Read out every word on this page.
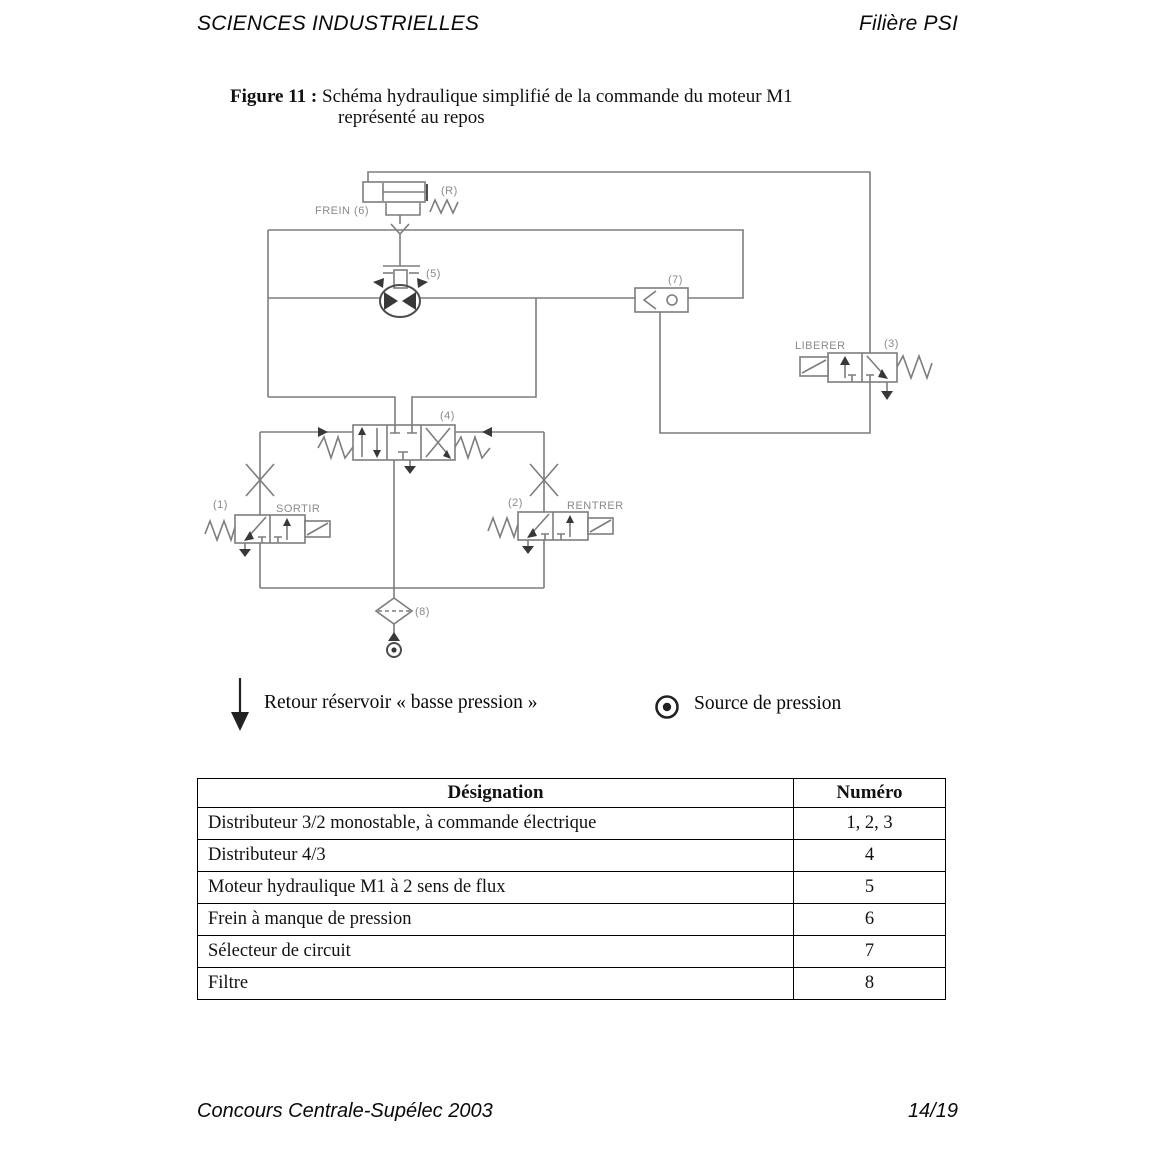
SCIENCES INDUSTRIELLES	Filière PSI
Figure 11 : Schéma hydraulique simplifié de la commande du moteur M1
représenté au repos
FREIN (6)
(R)
(5)	(7)
LIBERER	(3)
(4)
(1)	SORTIR	(2)	RENTRER
(8)
Retour réservoir « basse pression »	Source de pression
Désignation	Numéro
Distributeur 3/2 monostable, à commande électrique	1, 2, 3
Distributeur 4/3	4
Moteur hydraulique M1 à 2 sens de flux	5
Frein à manque de pression	6
Sélecteur de circuit	7
Filtre	8
Concours Centrale-Supélec 2003	14/19
